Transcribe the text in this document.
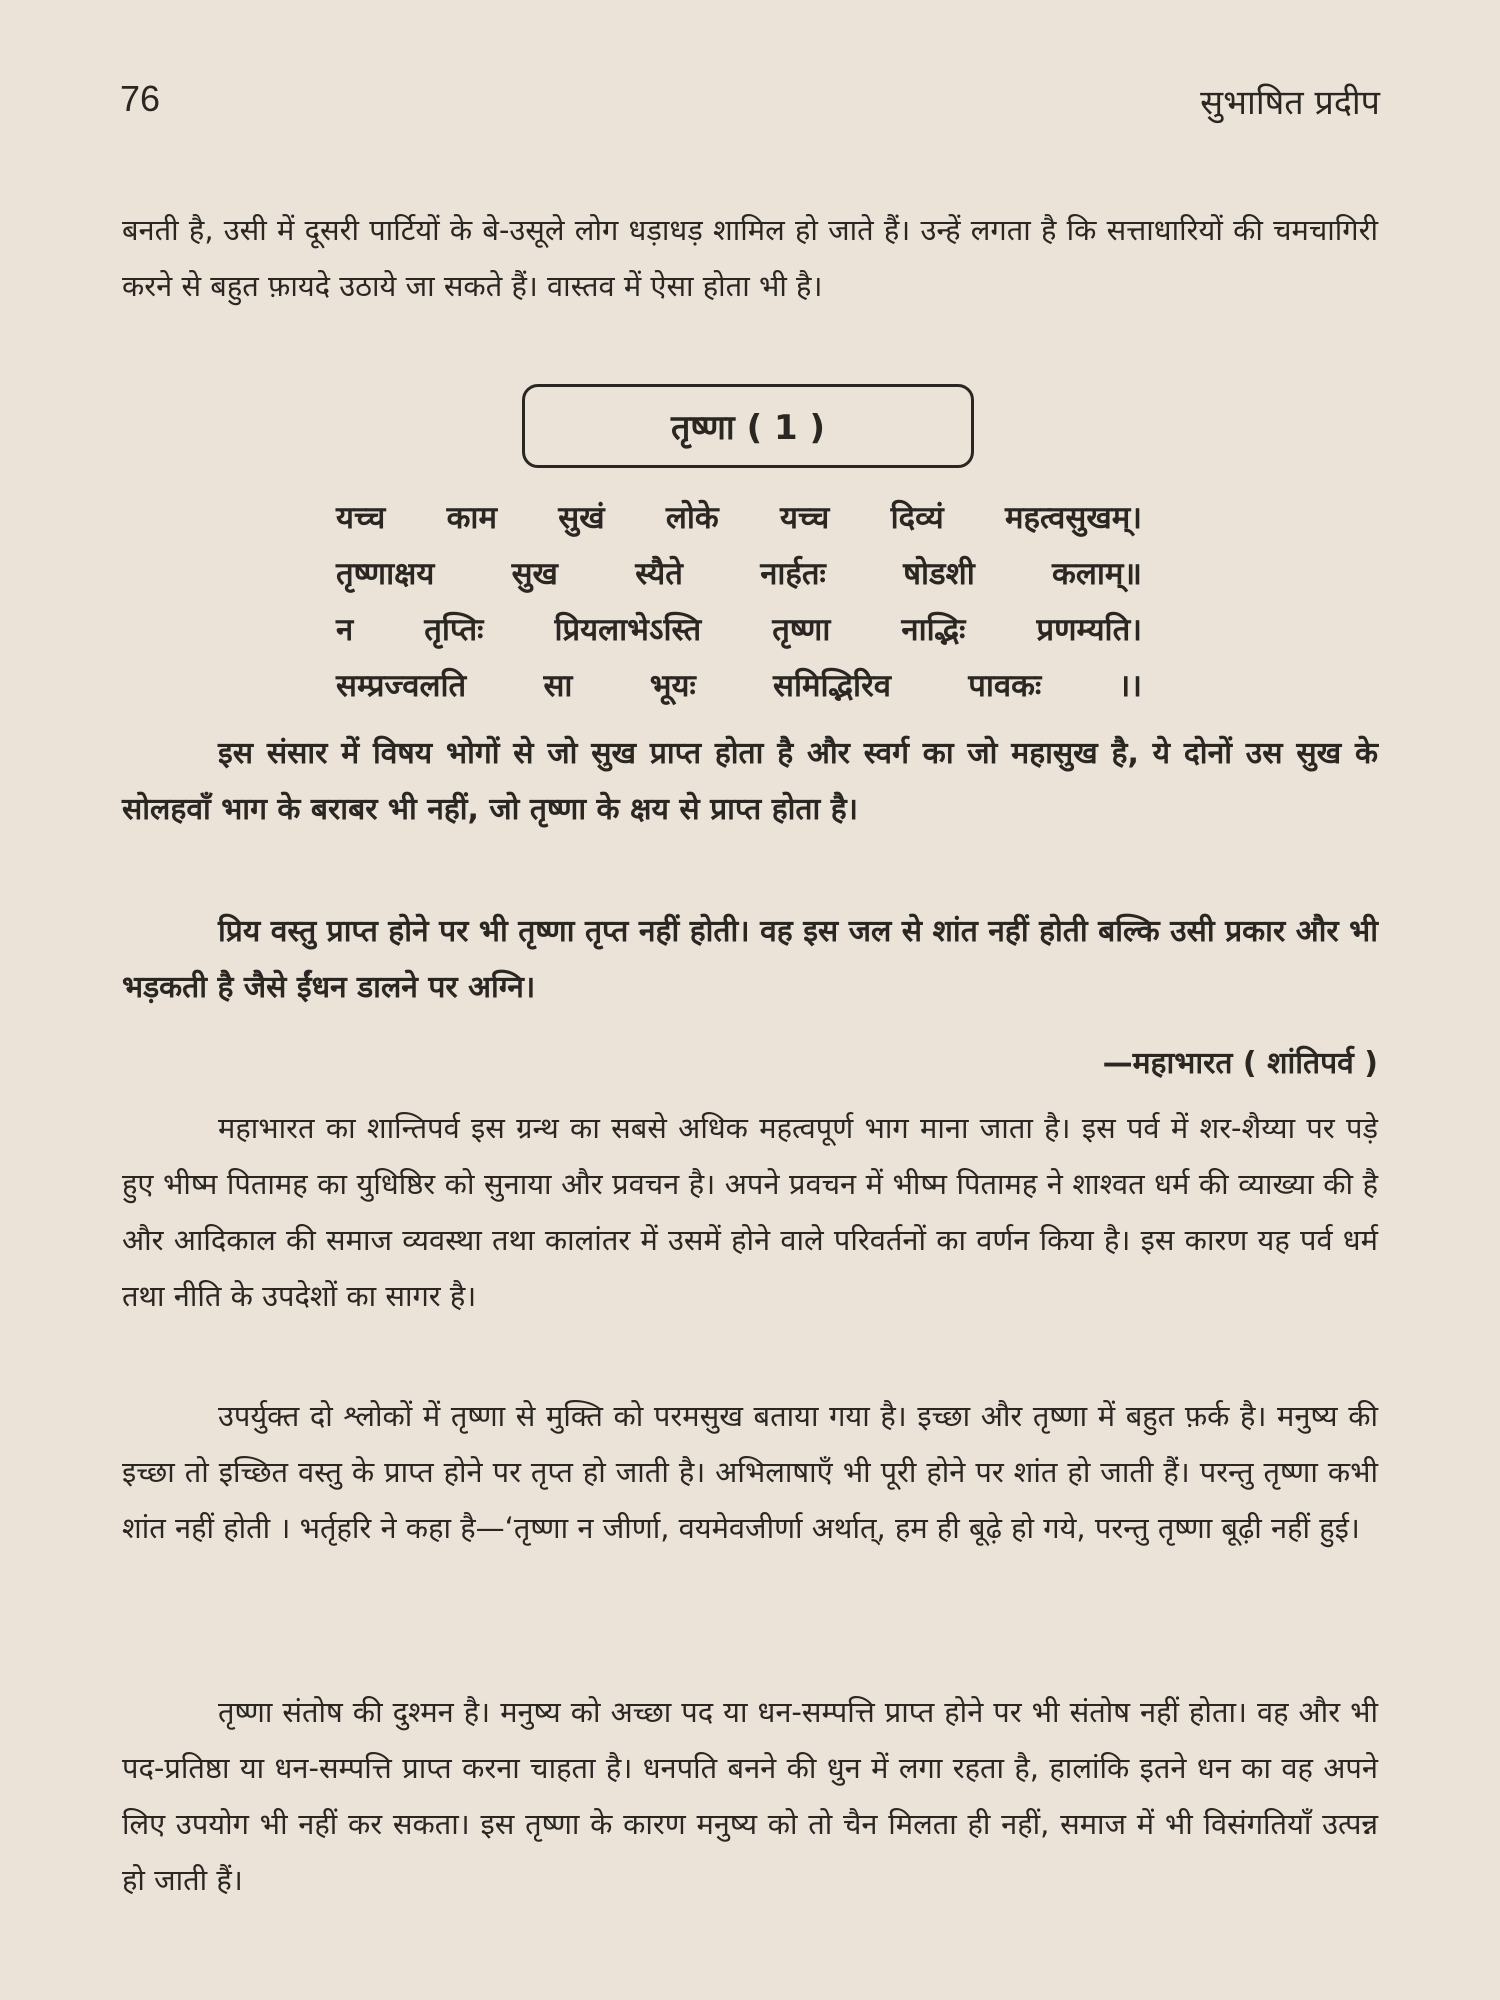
76	सुभाषित प्रदीप

बनती है, उसी में दूसरी पार्टियों के बे-उसूले लोग धड़ाधड़ शामिल हो जाते हैं। उन्हें लगता है कि सत्ताधारियों की चमचागिरी करने से बहुत फ़ायदे उठाये जा सकते हैं। वास्तव में ऐसा होता भी है।

तृष्णा ( 1 )
यच्च काम सुखं लोके यच्च दिव्यं महत्वसुखम्।
तृष्णाक्षय सुख स्यैते नार्हतः षोडशी कलाम्॥
न तृप्तिः प्रियलाभेऽस्ति तृष्णा नाद्भिः प्रणम्यति।
सम्प्रज्वलति सा भूयः समिद्भिरिव पावकः ।।

इस संसार में विषय भोगों से जो सुख प्राप्त होता है और स्वर्ग का जो महासुख है, ये दोनों उस सुख के सोलहवाँ भाग के बराबर भी नहीं, जो तृष्णा के क्षय से प्राप्त होता है।

प्रिय वस्तु प्राप्त होने पर भी तृष्णा तृप्त नहीं होती। वह इस जल से शांत नहीं होती बल्कि उसी प्रकार और भी भड़कती है जैसे ईंधन डालने पर अग्नि।

—महाभारत ( शांतिपर्व )

महाभारत का शान्तिपर्व इस ग्रन्थ का सबसे अधिक महत्वपूर्ण भाग माना जाता है। इस पर्व में शर-शैय्या पर पड़े हुए भीष्म पितामह का युधिष्ठिर को सुनाया और प्रवचन है। अपने प्रवचन में भीष्म पितामह ने शाश्वत धर्म की व्याख्या की है और आदिकाल की समाज व्यवस्था तथा कालांतर में उसमें होने वाले परिवर्तनों का वर्णन किया है। इस कारण यह पर्व धर्म तथा नीति के उपदेशों का सागर है।

उपर्युक्त दो श्लोकों में तृष्णा से मुक्ति को परमसुख बताया गया है। इच्छा और तृष्णा में बहुत फ़र्क है। मनुष्य की इच्छा तो इच्छित वस्तु के प्राप्त होने पर तृप्त हो जाती है। अभिलाषाएँ भी पूरी होने पर शांत हो जाती हैं। परन्तु तृष्णा कभी शांत नहीं होती । भर्तृहरि ने कहा है—‘तृष्णा न जीर्णा, वयमेवजीर्णा अर्थात्, हम ही बूढ़े हो गये, परन्तु तृष्णा बूढ़ी नहीं हुई।

तृष्णा संतोष की दुश्मन है। मनुष्य को अच्छा पद या धन-सम्पत्ति प्राप्त होने पर भी संतोष नहीं होता। वह और भी पद-प्रतिष्ठा या धन-सम्पत्ति प्राप्त करना चाहता है। धनपति बनने की धुन में लगा रहता है, हालांकि इतने धन का वह अपने लिए उपयोग भी नहीं कर सकता। इस तृष्णा के कारण मनुष्य को तो चैन मिलता ही नहीं, समाज में भी विसंगतियाँ उत्पन्न हो जाती हैं।
